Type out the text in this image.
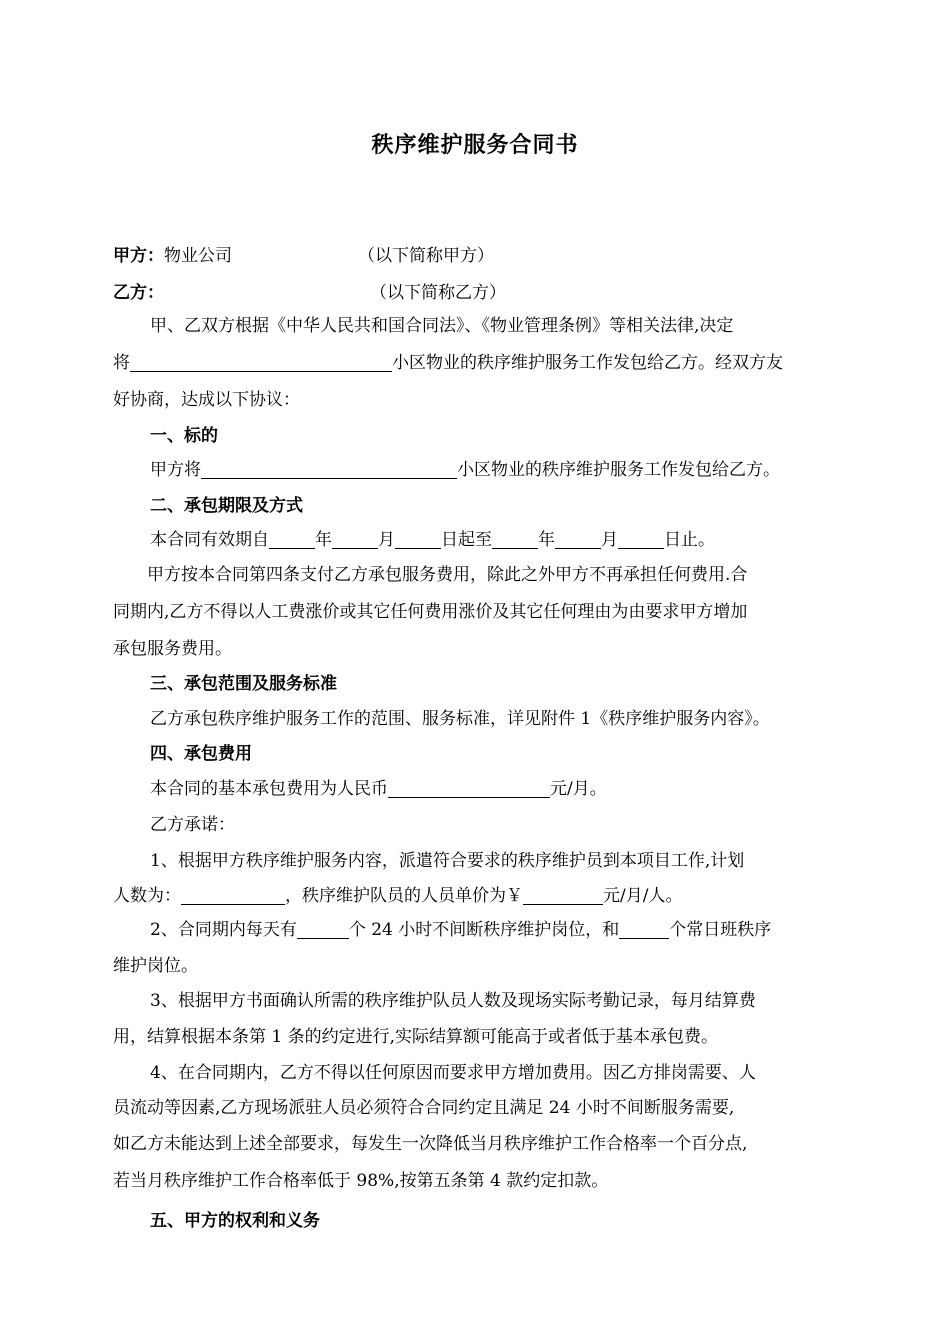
秩序维护服务合同书
甲方：物业公司	（以下简称甲方）
乙方：	（以下简称乙方）
甲、乙双方根据《中华人民共和国合同法》、《物业管理条例》等相关法律,决定
将	小区物业的秩序维护服务工作发包给乙方。经双方友
好协商，达成以下协议：
一、标的
甲方将	小区物业的秩序维护服务工作发包给乙方。
二、承包期限及方式
本合同有效期自	年	月	日起至	年	月	日止。
甲方按本合同第四条支付乙方承包服务费用，除此之外甲方不再承担任何费用.合
同期内,乙方不得以人工费涨价或其它任何费用涨价及其它任何理由为由要求甲方增加
承包服务费用。
三、承包范围及服务标准
乙方承包秩序维护服务工作的范围、服务标准，详见附件 1《秩序维护服务内容》。
四、承包费用
本合同的基本承包费用为人民币	元/月。
乙方承诺：
1、根据甲方秩序维护服务内容，派遣符合要求的秩序维护员到本项目工作,计划
人数为：	，秩序维护队员的人员单价为￥	元/月/人。
2、合同期内每天有	个 24 小时不间断秩序维护岗位，和	个常日班秩序
维护岗位。
3、根据甲方书面确认所需的秩序维护队员人数及现场实际考勤记录，每月结算费
用，结算根据本条第 1 条的约定进行,实际结算额可能高于或者低于基本承包费。
4、在合同期内，乙方不得以任何原因而要求甲方增加费用。因乙方排岗需要、人
员流动等因素,乙方现场派驻人员必须符合合同约定且满足 24 小时不间断服务需要,
如乙方未能达到上述全部要求，每发生一次降低当月秩序维护工作合格率一个百分点,
若当月秩序维护工作合格率低于 98%,按第五条第 4 款约定扣款。
五、甲方的权利和义务
